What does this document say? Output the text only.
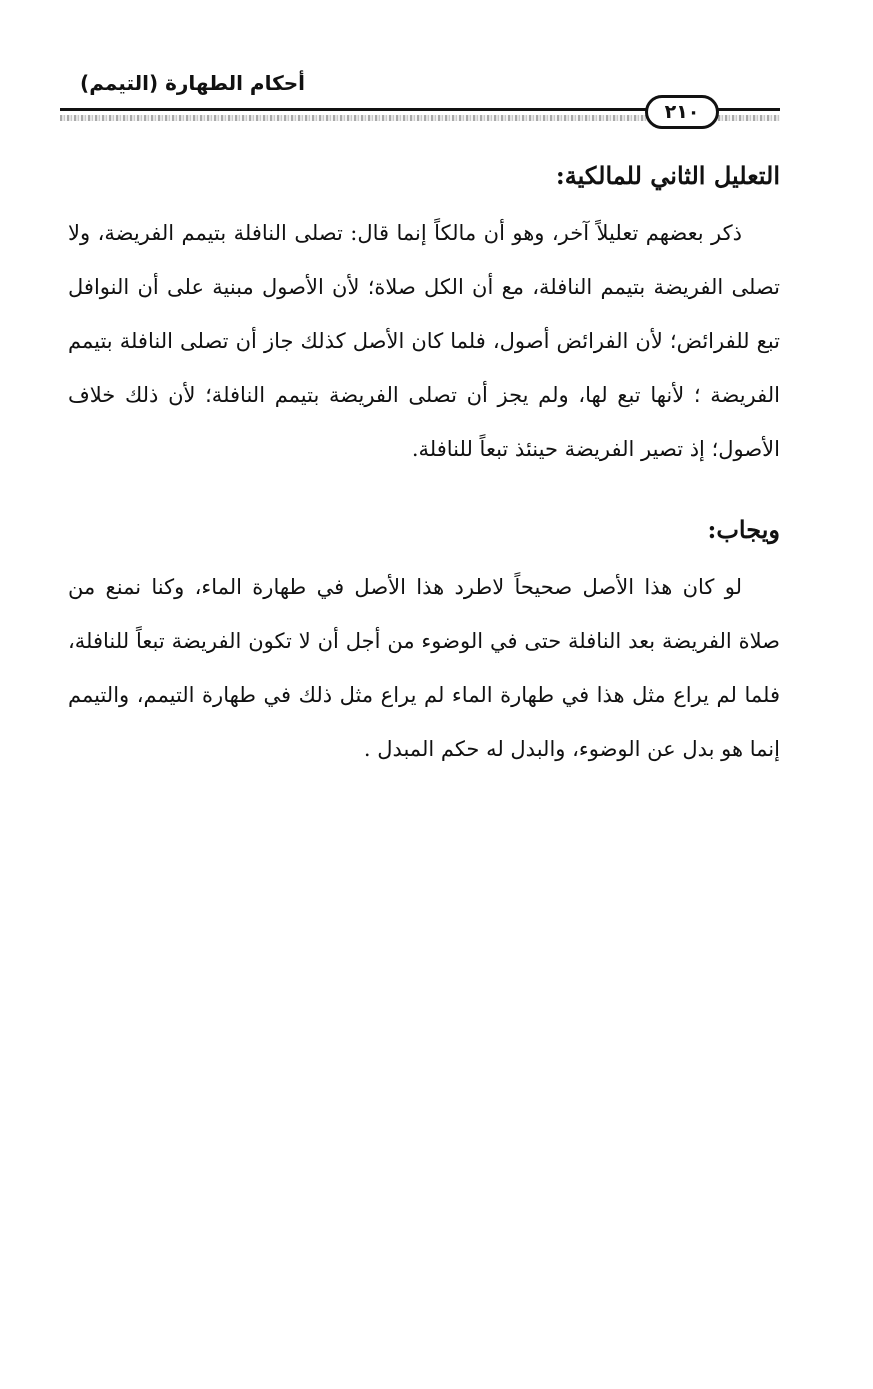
أحكام الطهارة (التيمم)
٢١٠
التعليل الثاني للمالكية:

ذكر بعضهم تعليلاً آخر، وهو أن مالكاً إنما قال: تصلى النافلة بتيمم الفريضة، ولا تصلى الفريضة بتيمم النافلة، مع أن الكل صلاة؛ لأن الأصول مبنية على أن النوافل تبع للفرائض؛ لأن الفرائض أصول، فلما كان الأصل كذلك جاز أن تصلى النافلة بتيمم الفريضة ؛ لأنها تبع لها، ولم يجز أن تصلى الفريضة بتيمم النافلة؛ لأن ذلك خلاف الأصول؛ إذ تصير الفريضة حينئذ تبعاً للنافلة.

ويجاب:

لو كان هذا الأصل صحيحاً لاطرد هذا الأصل في طهارة الماء، وكنا نمنع من صلاة الفريضة بعد النافلة حتى في الوضوء من أجل أن لا تكون الفريضة تبعاً للنافلة، فلما لم يراع مثل هذا في طهارة الماء لم يراع مثل ذلك في طهارة التيمم، والتيمم إنما هو بدل عن الوضوء، والبدل له حكم المبدل .
